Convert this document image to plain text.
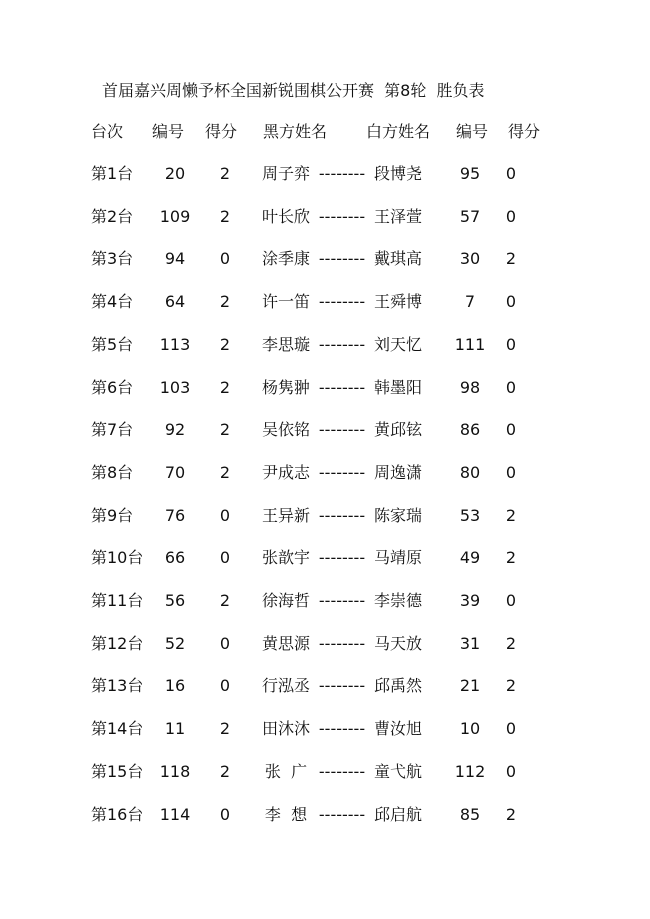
首届嘉兴周懒予杯全国新锐围棋公开赛  第8轮  胜负表
台次 编号 得分 黑方姓名 白方姓名 编号 得分
第1台	20	2	周子弈 -------- 段博尧	95	0
第2台	109	2	叶长欣 -------- 王泽萱	57	0
第3台	94	0	涂季康 -------- 戴琪高	30	2
第4台	64	2	许一笛 -------- 王舜博	7	0
第5台	113	2	李思璇 -------- 刘天忆	111	0
第6台	103	2	杨隽翀 -------- 韩墨阳	98	0
第7台	92	2	吴依铭 -------- 黄邱铉	86	0
第8台	70	2	尹成志 -------- 周逸潇	80	0
第9台	76	0	王异新 -------- 陈家瑞	53	2
第10台	66	0	张歆宇 -------- 马靖原	49	2
第11台	56	2	徐海哲 -------- 李崇德	39	0
第12台	52	0	黄思源 -------- 马天放	31	2
第13台	16	0	行泓丞 -------- 邱禹然	21	2
第14台	11	2	田沐沐 -------- 曹汝旭	10	0
第15台	118	2	张  广 -------- 童弋航	112	0
第16台	114	0	李  想 -------- 邱启航	85	2
